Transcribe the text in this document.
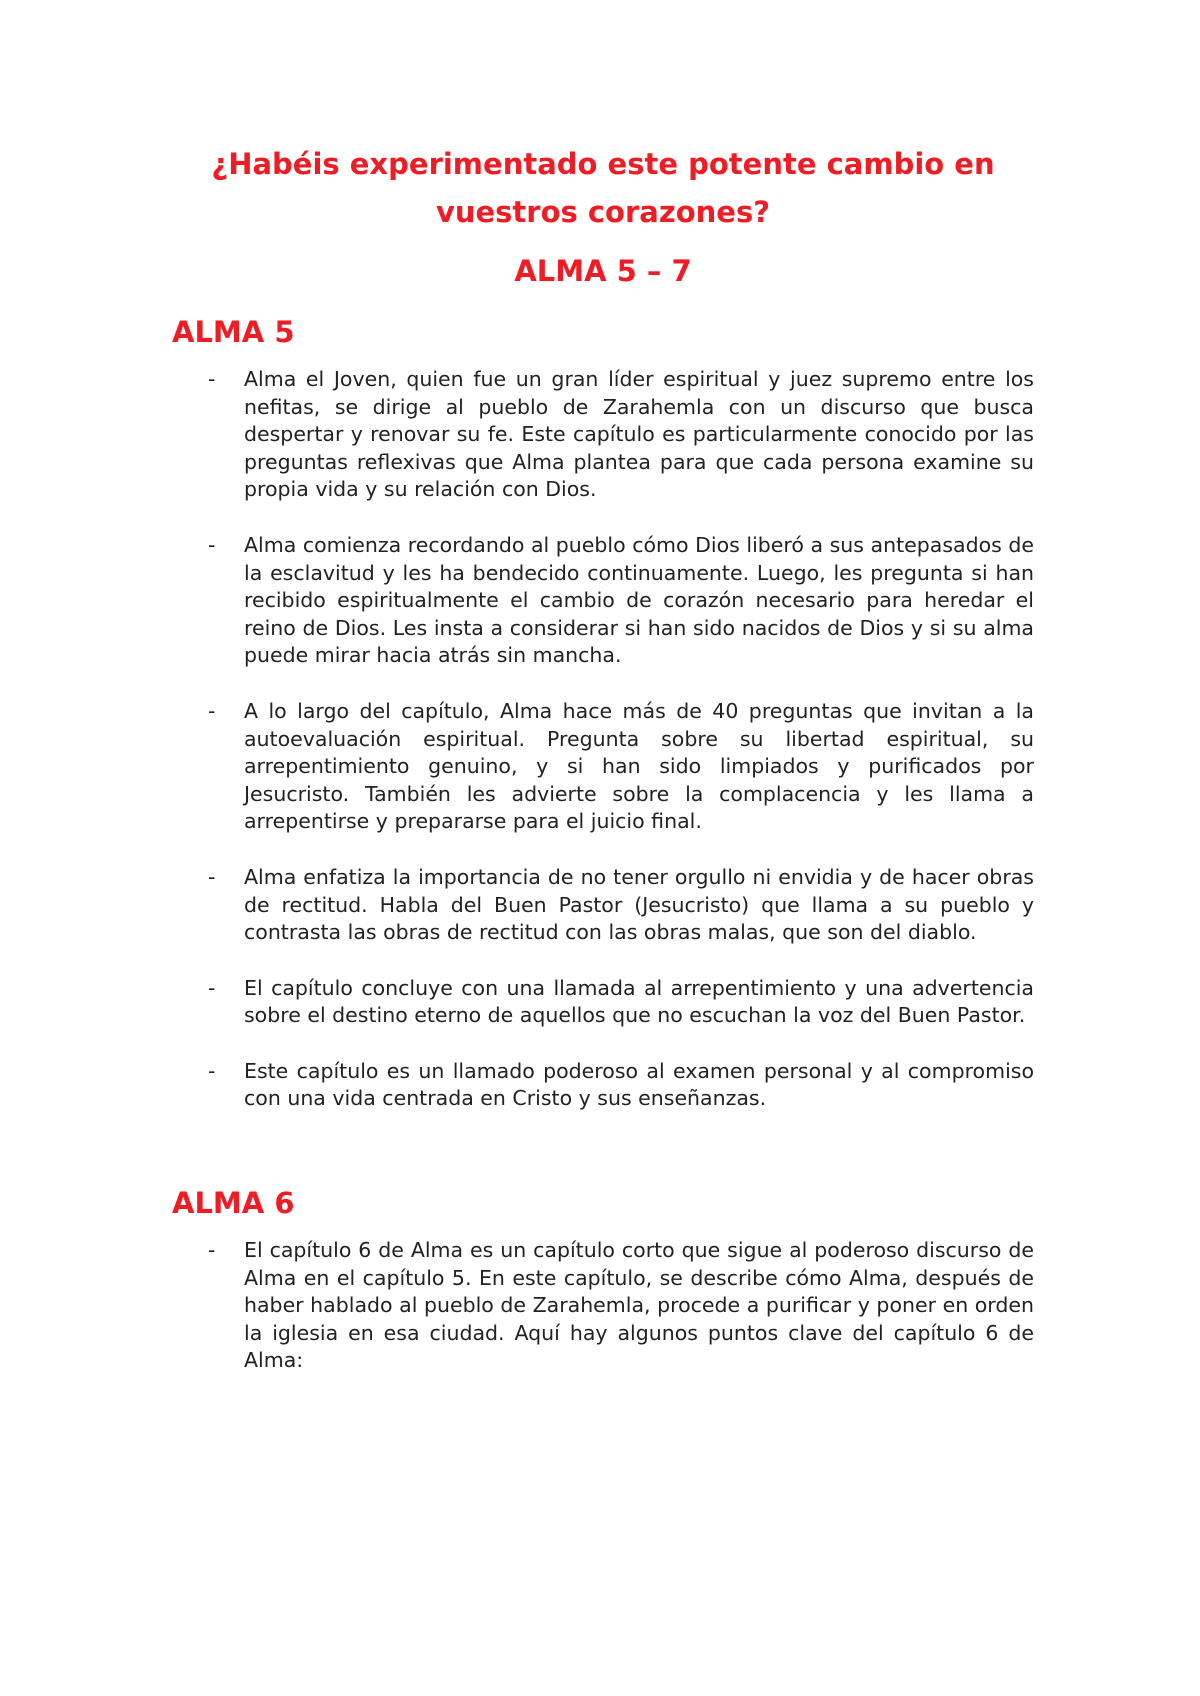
¿Habéis experimentado este potente cambio en vuestros corazones?
ALMA 5 – 7
ALMA 5
- Alma el Joven, quien fue un gran líder espiritual y juez supremo entre los nefitas, se dirige al pueblo de Zarahemla con un discurso que busca despertar y renovar su fe. Este capítulo es particularmente conocido por las preguntas reflexivas que Alma plantea para que cada persona examine su propia vida y su relación con Dios.
- Alma comienza recordando al pueblo cómo Dios liberó a sus antepasados de la esclavitud y les ha bendecido continuamente. Luego, les pregunta si han recibido espiritualmente el cambio de corazón necesario para heredar el reino de Dios. Les insta a considerar si han sido nacidos de Dios y si su alma puede mirar hacia atrás sin mancha.
- A lo largo del capítulo, Alma hace más de 40 preguntas que invitan a la autoevaluación espiritual. Pregunta sobre su libertad espiritual, su arrepentimiento genuino, y si han sido limpiados y purificados por Jesucristo. También les advierte sobre la complacencia y les llama a arrepentirse y prepararse para el juicio final.
- Alma enfatiza la importancia de no tener orgullo ni envidia y de hacer obras de rectitud. Habla del Buen Pastor (Jesucristo) que llama a su pueblo y contrasta las obras de rectitud con las obras malas, que son del diablo.
- El capítulo concluye con una llamada al arrepentimiento y una advertencia sobre el destino eterno de aquellos que no escuchan la voz del Buen Pastor.
- Este capítulo es un llamado poderoso al examen personal y al compromiso con una vida centrada en Cristo y sus enseñanzas.
ALMA 6
- El capítulo 6 de Alma es un capítulo corto que sigue al poderoso discurso de Alma en el capítulo 5. En este capítulo, se describe cómo Alma, después de haber hablado al pueblo de Zarahemla, procede a purificar y poner en orden la iglesia en esa ciudad. Aquí hay algunos puntos clave del capítulo 6 de Alma:
